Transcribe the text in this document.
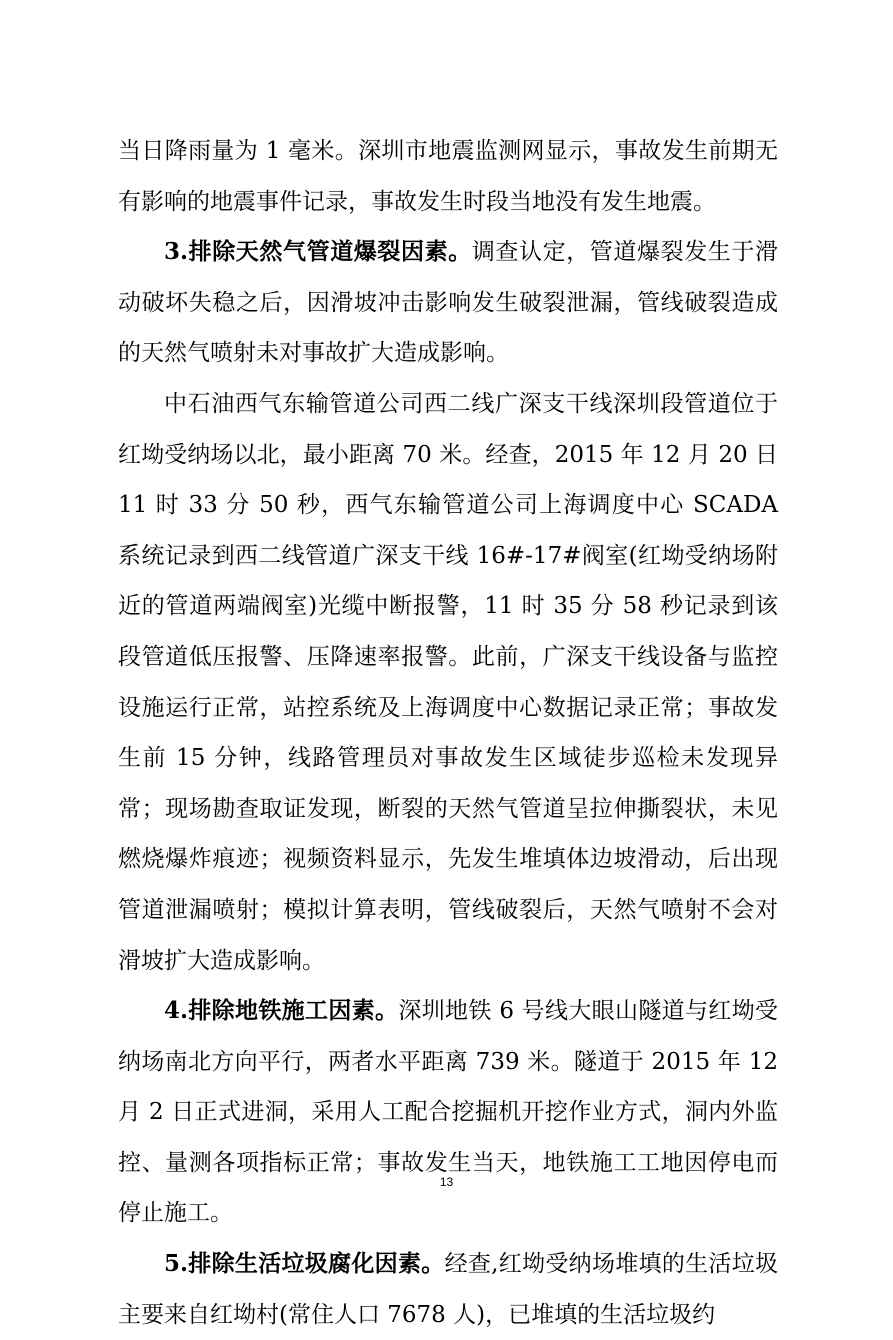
当日降雨量为 1 毫米。深圳市地震监测网显示，事故发生前期无有影响的地震事件记录，事故发生时段当地没有发生地震。

3.排除天然气管道爆裂因素。调查认定，管道爆裂发生于滑动破坏失稳之后，因滑坡冲击影响发生破裂泄漏，管线破裂造成的天然气喷射未对事故扩大造成影响。

中石油西气东输管道公司西二线广深支干线深圳段管道位于红坳受纳场以北，最小距离 70 米。经查，2015 年 12 月 20 日 11 时 33 分 50 秒，西气东输管道公司上海调度中心 SCADA 系统记录到西二线管道广深支干线 16#-17#阀室(红坳受纳场附近的管道两端阀室)光缆中断报警，11 时 35 分 58 秒记录到该段管道低压报警、压降速率报警。此前，广深支干线设备与监控设施运行正常，站控系统及上海调度中心数据记录正常；事故发生前 15 分钟，线路管理员对事故发生区域徒步巡检未发现异常；现场勘查取证发现，断裂的天然气管道呈拉伸撕裂状，未见燃烧爆炸痕迹；视频资料显示，先发生堆填体边坡滑动，后出现管道泄漏喷射；模拟计算表明，管线破裂后，天然气喷射不会对滑坡扩大造成影响。

4.排除地铁施工因素。深圳地铁 6 号线大眼山隧道与红坳受纳场南北方向平行，两者水平距离 739 米。隧道于 2015 年 12 月 2 日正式进洞，采用人工配合挖掘机开挖作业方式，洞内外监控、量测各项指标正常；事故发生当天，地铁施工工地因停电而停止施工。

5.排除生活垃圾腐化因素。经查,红坳受纳场堆填的生活垃圾主要来自红坳村(常住人口 7678 人)，已堆填的生活垃圾约

13
